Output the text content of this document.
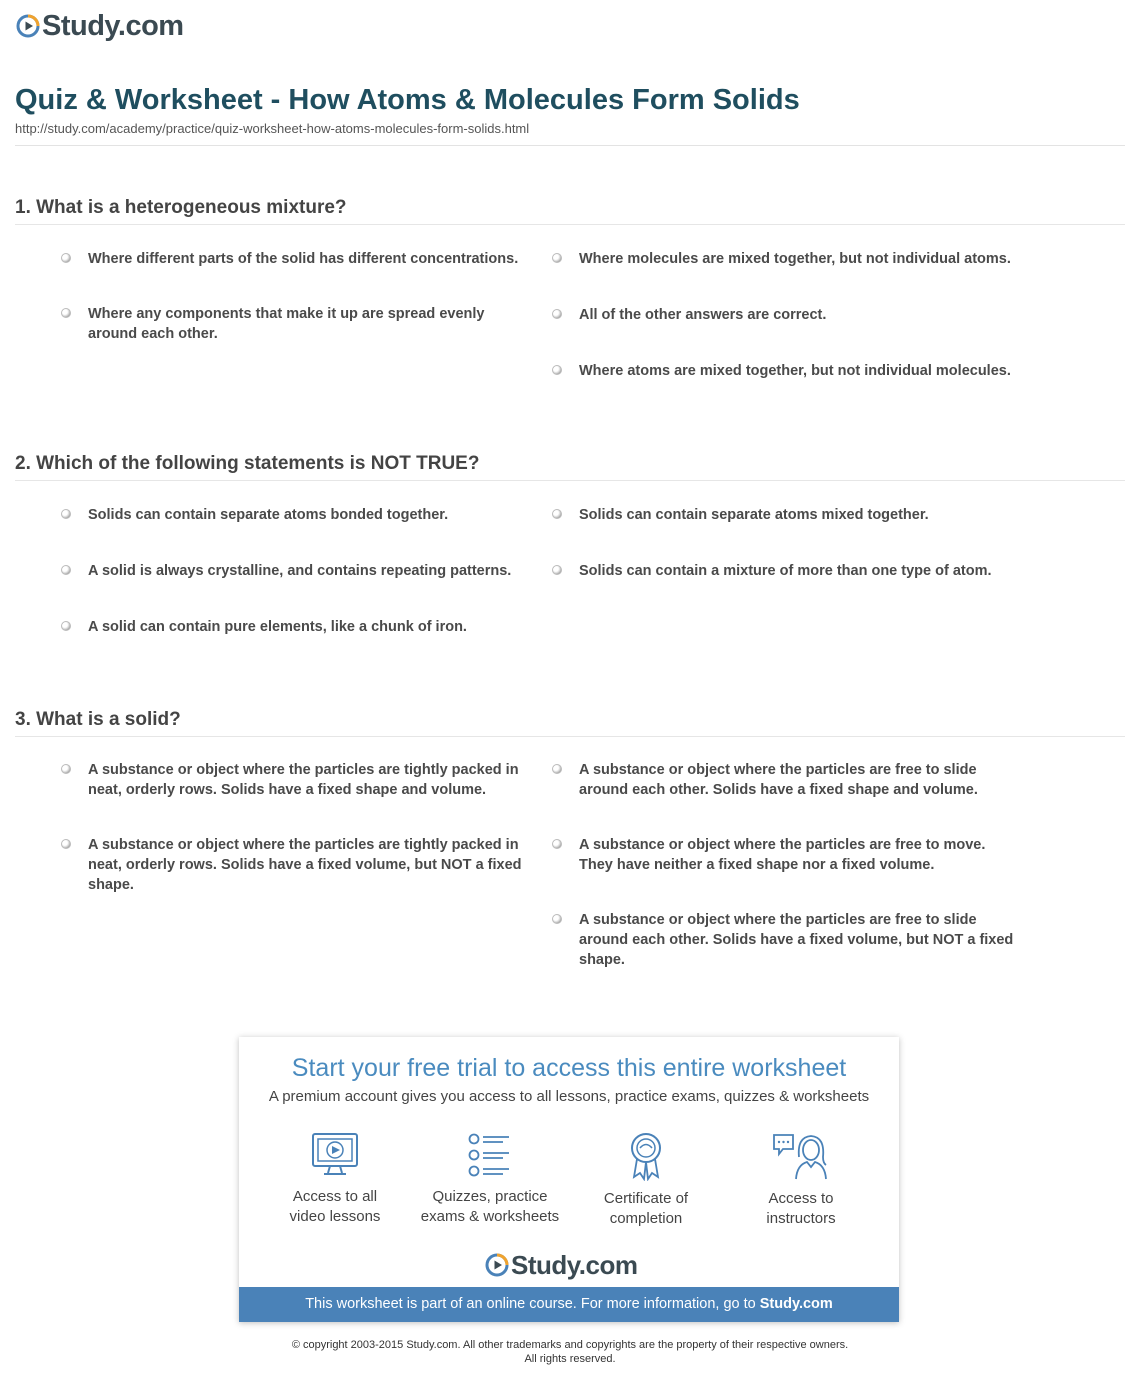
Study.com
Quiz & Worksheet - How Atoms & Molecules Form Solids
http://study.com/academy/practice/quiz-worksheet-how-atoms-molecules-form-solids.html
1. What is a heterogeneous mixture?
Where different parts of the solid has different concentrations.
Where any components that make it up are spread evenly around each other.
Where molecules are mixed together, but not individual atoms.
All of the other answers are correct.
Where atoms are mixed together, but not individual molecules.
2. Which of the following statements is NOT TRUE?
Solids can contain separate atoms bonded together.
A solid is always crystalline, and contains repeating patterns.
A solid can contain pure elements, like a chunk of iron.
Solids can contain separate atoms mixed together.
Solids can contain a mixture of more than one type of atom.
3. What is a solid?
A substance or object where the particles are tightly packed in neat, orderly rows. Solids have a fixed shape and volume.
A substance or object where the particles are tightly packed in neat, orderly rows. Solids have a fixed volume, but NOT a fixed shape.
A substance or object where the particles are free to slide around each other. Solids have a fixed shape and volume.
A substance or object where the particles are free to move. They have neither a fixed shape nor a fixed volume.
A substance or object where the particles are free to slide around each other. Solids have a fixed volume, but NOT a fixed shape.
Start your free trial to access this entire worksheet
A premium account gives you access to all lessons, practice exams, quizzes & worksheets
Access to all
video lessons
Quizzes, practice
exams & worksheets
Certificate of
completion
Access to
instructors
Study.com
This worksheet is part of an online course. For more information, go to Study.com
© copyright 2003-2015 Study.com. All other trademarks and copyrights are the property of their respective owners.
All rights reserved.
